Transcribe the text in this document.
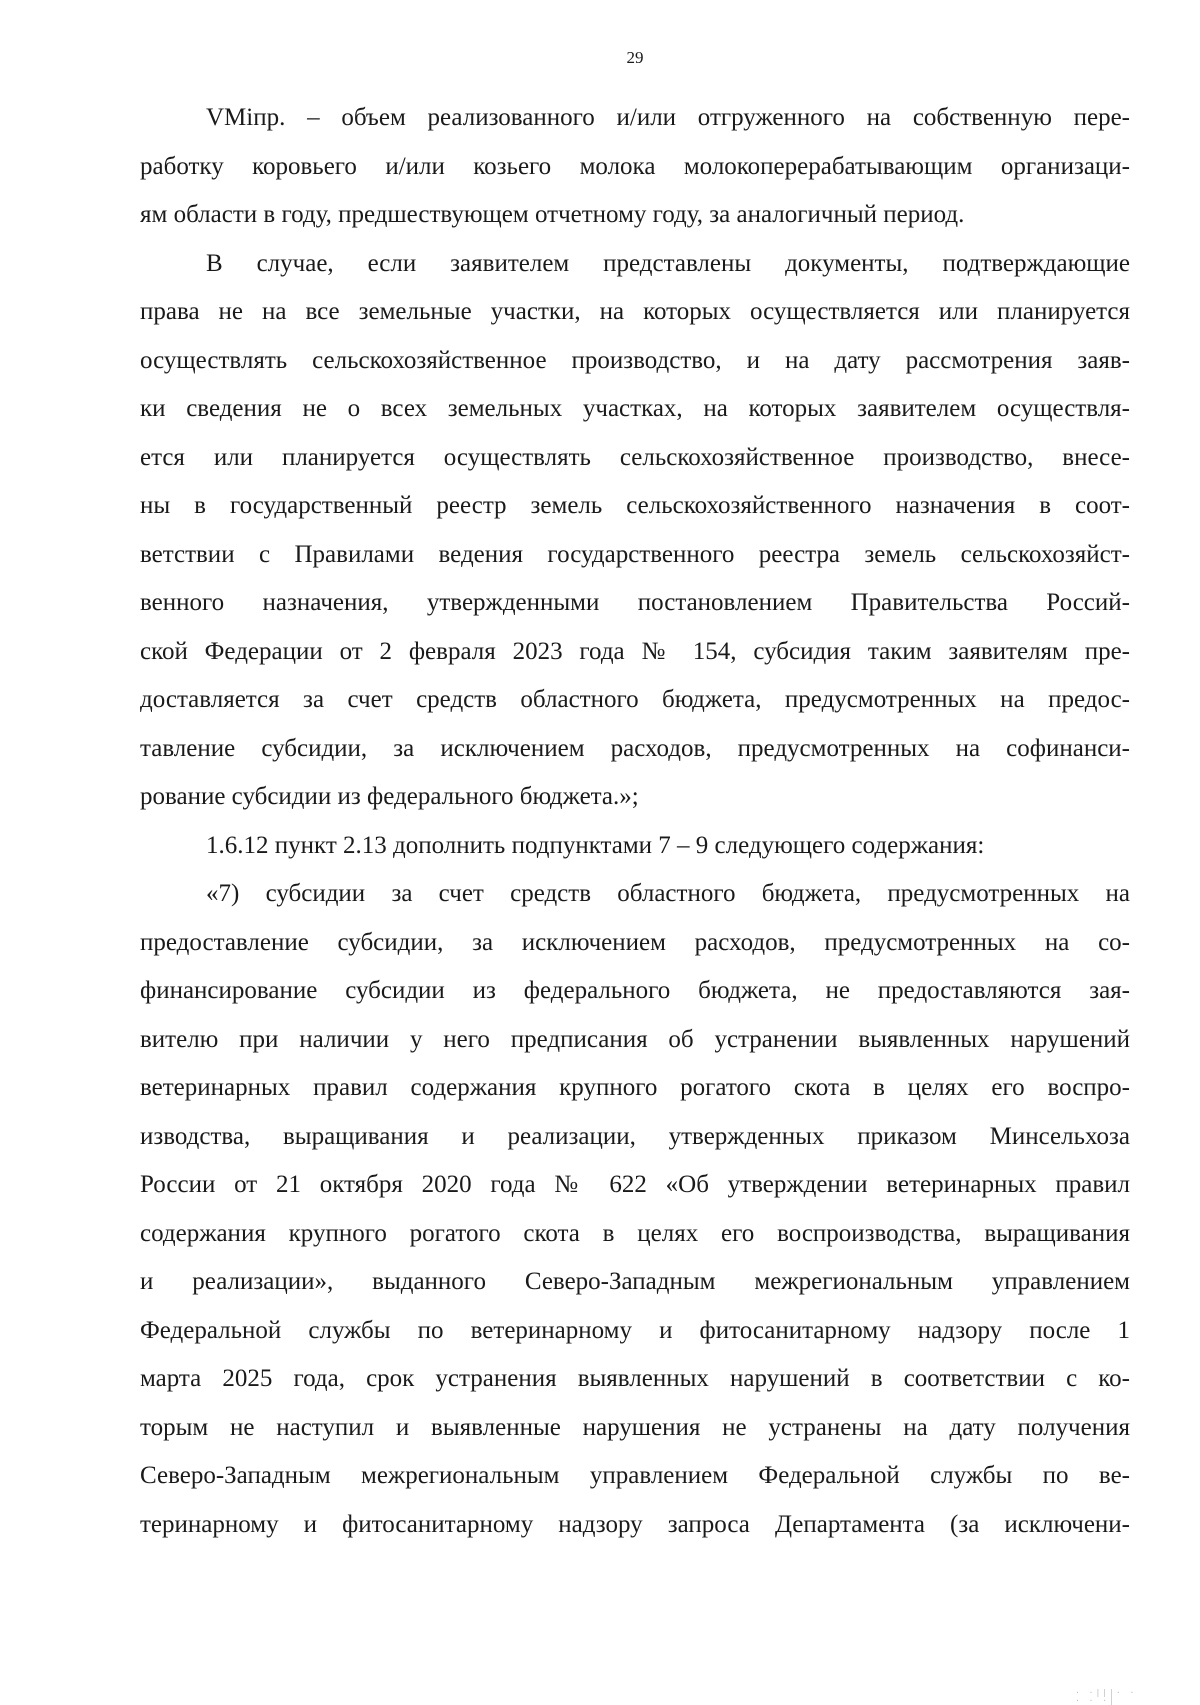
29
VMiпр. – объем реализованного и/или отгруженного на собственную пере-
работку коровьего и/или козьего молока молокоперерабатывающим организаци-
ям области в году, предшествующем отчетному году, за аналогичный период.
В случае, если заявителем представлены документы, подтверждающие
права не на все земельные участки, на которых осуществляется или планируется
осуществлять сельскохозяйственное производство, и на дату рассмотрения заяв-
ки сведения не о всех земельных участках, на которых заявителем осуществля-
ется или планируется осуществлять сельскохозяйственное производство, внесе-
ны в государственный реестр земель сельскохозяйственного назначения в соот-
ветствии с Правилами ведения государственного реестра земель сельскохозяйст-
венного назначения, утвержденными постановлением Правительства Россий-
ской Федерации от 2 февраля 2023 года № 154, субсидия таким заявителям пре-
доставляется за счет средств областного бюджета, предусмотренных на предос-
тавление субсидии, за исключением расходов, предусмотренных на софинанси-
рование субсидии из федерального бюджета.»;
1.6.12 пункт 2.13 дополнить подпунктами 7 – 9 следующего содержания:
«7) субсидии за счет средств областного бюджета, предусмотренных на
предоставление субсидии, за исключением расходов, предусмотренных на со-
финансирование субсидии из федерального бюджета, не предоставляются зая-
вителю при наличии у него предписания об устранении выявленных нарушений
ветеринарных правил содержания крупного рогатого скота в целях его воспро-
изводства, выращивания и реализации, утвержденных приказом Минсельхоза
России от 21 октября 2020 года № 622 «Об утверждении ветеринарных правил
содержания крупного рогатого скота в целях его воспроизводства, выращивания
и реализации», выданного Северо-Западным межрегиональным управлением
Федеральной службы по ветеринарному и фитосанитарному надзору после 1
марта 2025 года, срок устранения выявленных нарушений в соответствии с ко-
торым не наступил и выявленные нарушения не устранены на дату получения
Северо-Западным межрегиональным управлением Федеральной службы по ве-
теринарному и фитосанитарному надзору запроса Департамента (за исключени-
· ·|||· · · · ·|
